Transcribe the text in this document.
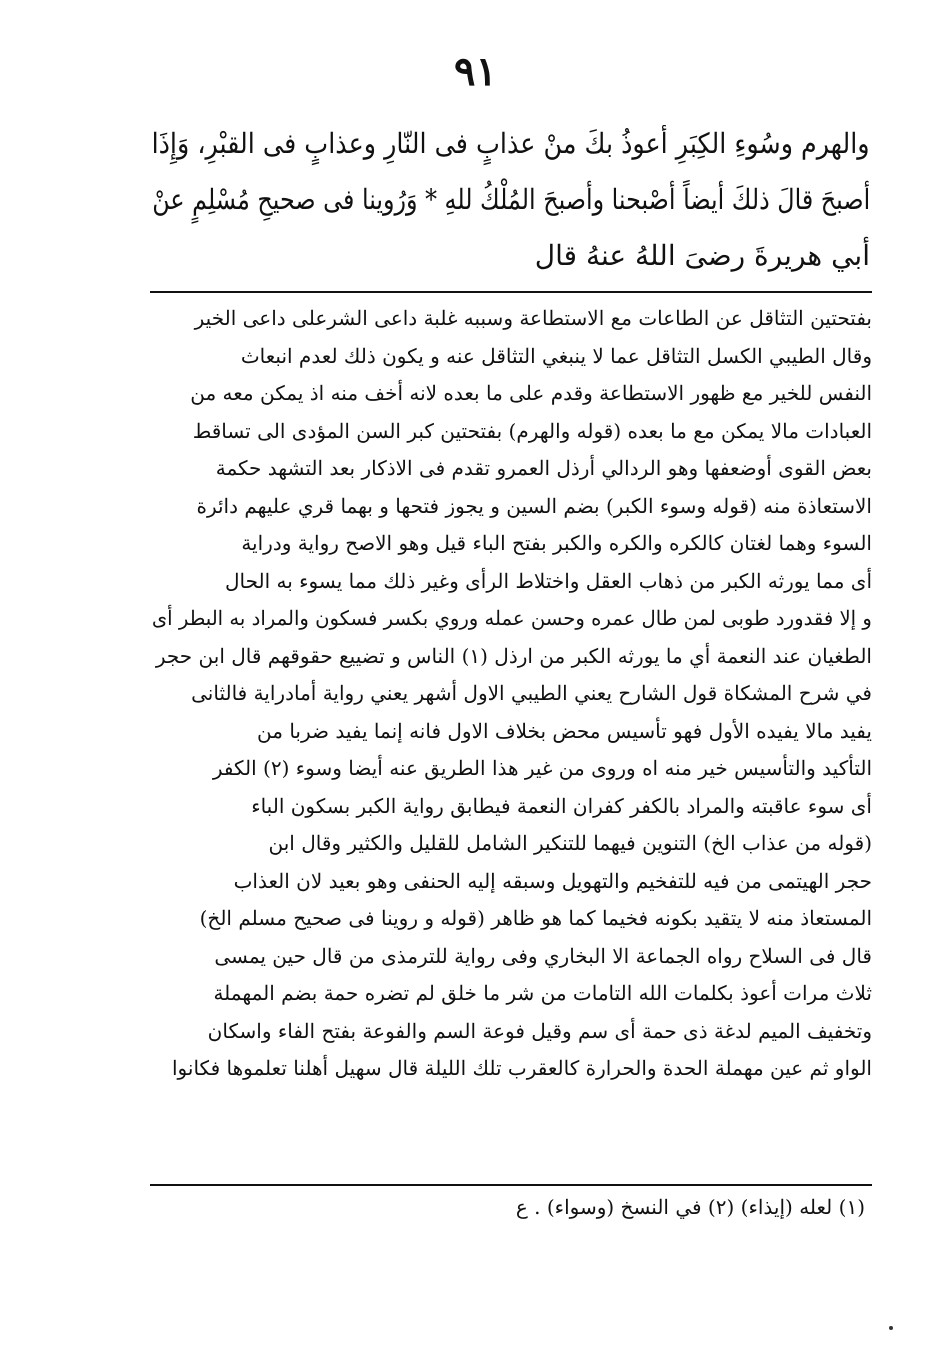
٩١
والهرم وسُوءِ الكِبَرِ أعوذُ بكَ منْ عذابٍ فى النّارِ وعذابٍ فى القبْرِ، وَإِذَا
أصبحَ قالَ ذلكَ أيضاً أصْبحنا وأصبحَ المُلْكُ للهِ * وَرُوينا فى صحيحِ مُسْلِمٍ عنْ
أبي هريرةَ رضىَ اللهُ عنهُ قال
بفتحتين التثاقل عن الطاعات مع الاستطاعة وسببه غلبة داعى الشرعلى داعى الخير
وقال الطيبي الكسل التثاقل عما لا ينبغي التثاقل عنه و يكون ذلك لعدم انبعاث
النفس للخير مع ظهور الاستطاعة وقدم على ما بعده لانه أخف منه اذ يمكن معه من
العبادات مالا يمكن مع ما بعده (قوله والهرم) بفتحتين كبر السن المؤدى الى تساقط
بعض القوى أوضعفها وهو الردالي أرذل العمرو تقدم فى الاذكار بعد التشهد حكمة
الاستعاذة منه (قوله وسوء الكبر) بضم السين و يجوز فتحها و بهما قري عليهم دائرة
السوء وهما لغتان كالكره والكره والكبر بفتح الباء قيل وهو الاصح رواية ودراية
أى مما يورثه الكبر من ذهاب العقل واختلاط الرأى وغير ذلك مما يسوء به الحال
و إلا فقدورد طوبى لمن طال عمره وحسن عمله وروي بكسر فسكون والمراد به البطر أى
الطغيان عند النعمة أي ما يورثه الكبر من ارذل (١) الناس و تضييع حقوقهم قال ابن حجر
في شرح المشكاة قول الشارح يعني الطيبي الاول أشهر يعني رواية أمادراية فالثانى
يفيد مالا يفيده الأول فهو تأسيس محض بخلاف الاول فانه إنما يفيد ضربا من
التأكيد والتأسيس خير منه اه وروى من غير هذا الطريق عنه أيضا وسوء (٢) الكفر
أى سوء عاقبته والمراد بالكفر كفران النعمة فيطابق رواية الكبر بسكون الباء
(قوله من عذاب الخ) التنوين فيهما للتنكير الشامل للقليل والكثير وقال ابن
حجر الهيتمى من فيه للتفخيم والتهويل وسبقه إليه الحنفى وهو بعيد لان العذاب
المستعاذ منه لا يتقيد بكونه فخيما كما هو ظاهر (قوله و روينا فى صحيح مسلم الخ)
قال فى السلاح رواه الجماعة الا البخاري وفى رواية للترمذى من قال حين يمسى
ثلاث مرات أعوذ بكلمات الله التامات من شر ما خلق لم تضره حمة بضم المهملة
وتخفيف الميم لدغة ذى حمة أى سم وقيل فوعة السم والفوعة بفتح الفاء واسكان
الواو ثم عين مهملة الحدة والحرارة كالعقرب تلك الليلة قال سهيل أهلنا تعلموها فكانوا
(١) لعله (إيذاء) (٢) في النسخ (وسواء) . ع
